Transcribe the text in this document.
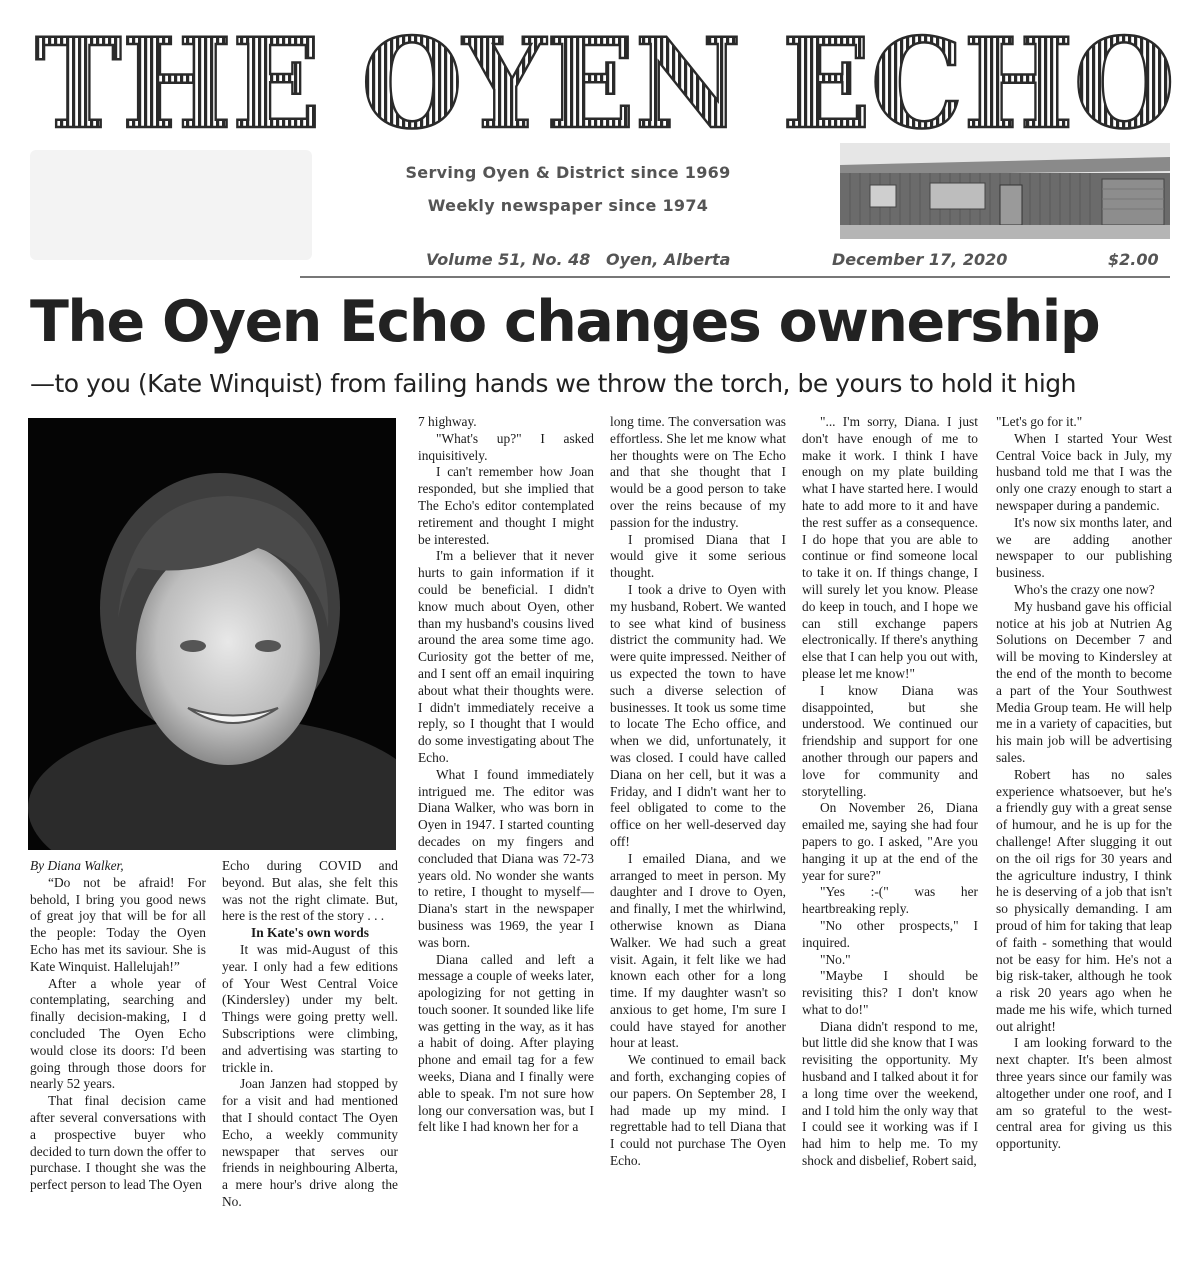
THE OYEN ECHO
Serving Oyen & District since 1969
Weekly newspaper since 1974
Volume 51, No. 48 Oyen, Alberta	December 17, 2020	$2.00
The Oyen Echo changes ownership
—to you (Kate Winquist) from failing hands we throw the torch, be yours to hold it high

By Diana Walker,

“Do not be afraid! For behold, I bring you good news of great joy that will be for all the people: Today the Oyen Echo has met its saviour. She is Kate Winquist. Hallelujah!”

After a whole year of contemplating, searching and finally decision-making, I d concluded The Oyen Echo would close its doors: I'd been going through those doors for nearly 52 years.

That final decision came after several conversations with a prospective buyer who decided to turn down the offer to purchase. I thought she was the perfect person to lead The Oyen

Echo during COVID and beyond. But alas, she felt this was not the right climate. But, here is the rest of the story . . .

In Kate's own words

It was mid-August of this year. I only had a few editions of Your West Central Voice (Kindersley) under my belt. Things were going pretty well. Subscriptions were climbing, and advertising was starting to trickle in.

Joan Janzen had stopped by for a visit and had mentioned that I should contact The Oyen Echo, a weekly community newspaper that serves our friends in neighbouring Alberta, a mere hour's drive along the No.

7 highway.

"What's up?" I asked inquisitively.

I can't remember how Joan responded, but she implied that The Echo's editor contemplated retirement and thought I might be interested.

I'm a believer that it never hurts to gain information if it could be beneficial. I didn't know much about Oyen, other than my husband's cousins lived around the area some time ago. Curiosity got the better of me, and I sent off an email inquiring about what their thoughts were. I didn't immediately receive a reply, so I thought that I would do some investigating about The Echo.

What I found immediately intrigued me. The editor was Diana Walker, who was born in Oyen in 1947. I started counting decades on my fingers and concluded that Diana was 72-73 years old. No wonder she wants to retire, I thought to myself—Diana's start in the newspaper business was 1969, the year I was born.

Diana called and left a message a couple of weeks later, apologizing for not getting in touch sooner. It sounded like life was getting in the way, as it has a habit of doing. After playing phone and email tag for a few weeks, Diana and I finally were able to speak. I'm not sure how long our conversation was, but I felt like I had known her for a

long time. The conversation was effortless. She let me know what her thoughts were on The Echo and that she thought that I would be a good person to take over the reins because of my passion for the industry.

I promised Diana that I would give it some serious thought.

I took a drive to Oyen with my husband, Robert. We wanted to see what kind of business district the community had. We were quite impressed. Neither of us expected the town to have such a diverse selection of businesses. It took us some time to locate The Echo office, and when we did, unfortunately, it was closed. I could have called Diana on her cell, but it was a Friday, and I didn't want her to feel obligated to come to the office on her well-deserved day off!

I emailed Diana, and we arranged to meet in person. My daughter and I drove to Oyen, and finally, I met the whirlwind, otherwise known as Diana Walker. We had such a great visit. Again, it felt like we had known each other for a long time. If my daughter wasn't so anxious to get home, I'm sure I could have stayed for another hour at least.

We continued to email back and forth, exchanging copies of our papers. On September 28, I had made up my mind. I regrettable had to tell Diana that I could not purchase The Oyen Echo.

"... I'm sorry, Diana. I just don't have enough of me to make it work. I think I have enough on my plate building what I have started here. I would hate to add more to it and have the rest suffer as a consequence. I do hope that you are able to continue or find someone local to take it on. If things change, I will surely let you know. Please do keep in touch, and I hope we can still exchange papers electronically. If there's anything else that I can help you out with, please let me know!"

I know Diana was disappointed, but she understood. We continued our friendship and support for one another through our papers and love for community and storytelling.

On November 26, Diana emailed me, saying she had four papers to go. I asked, "Are you hanging it up at the end of the year for sure?"

"Yes :-(" was her heartbreaking reply.

"No other prospects," I inquired.

"No."

"Maybe I should be revisiting this? I don't know what to do!"

Diana didn't respond to me, but little did she know that I was revisiting the opportunity. My husband and I talked about it for a long time over the weekend, and I told him the only way that I could see it working was if I had him to help me. To my shock and disbelief, Robert said,

"Let's go for it."

When I started Your West Central Voice back in July, my husband told me that I was the only one crazy enough to start a newspaper during a pandemic.

It's now six months later, and we are adding another newspaper to our publishing business.

Who's the crazy one now?

My husband gave his official notice at his job at Nutrien Ag Solutions on December 7 and will be moving to Kindersley at the end of the month to become a part of the Your Southwest Media Group team. He will help me in a variety of capacities, but his main job will be advertising sales.

Robert has no sales experience whatsoever, but he's a friendly guy with a great sense of humour, and he is up for the challenge! After slugging it out on the oil rigs for 30 years and the agriculture industry, I think he is deserving of a job that isn't so physically demanding. I am proud of him for taking that leap of faith - something that would not be easy for him. He's not a big risk-taker, although he took a risk 20 years ago when he made me his wife, which turned out alright!

I am looking forward to the next chapter. It's been almost three years since our family was altogether under one roof, and I am so grateful to the west-central area for giving us this opportunity.
